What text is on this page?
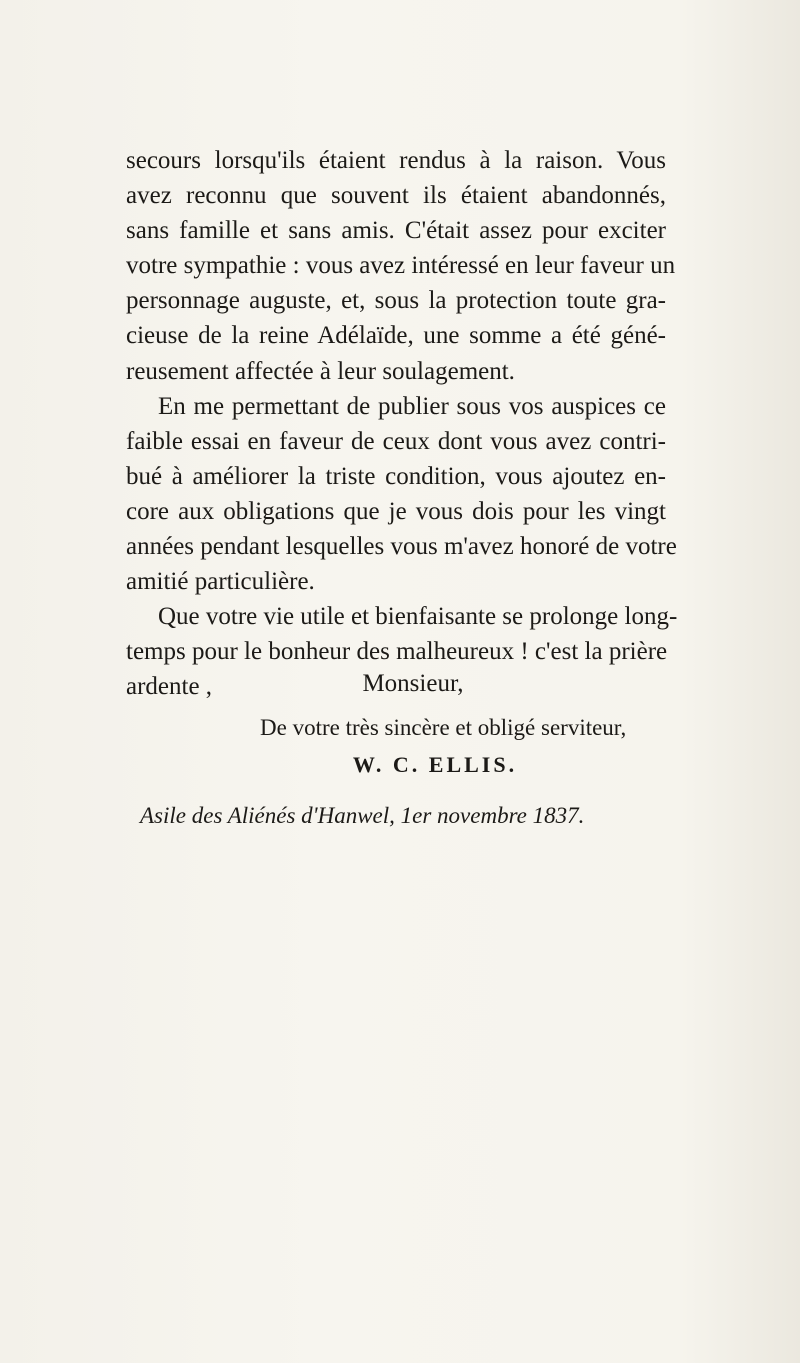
secours lorsqu'ils étaient rendus à la raison. Vous
avez reconnu que souvent ils étaient abandonnés,
sans famille et sans amis. C'était assez pour exciter
votre sympathie : vous avez intéressé en leur faveur un
personnage auguste, et, sous la protection toute gra-
cieuse de la reine Adélaïde, une somme a été géné-
reusement affectée à leur soulagement.
En me permettant de publier sous vos auspices ce
faible essai en faveur de ceux dont vous avez contri-
bué à améliorer la triste condition, vous ajoutez en-
core aux obligations que je vous dois pour les vingt
années pendant lesquelles vous m'avez honoré de votre
amitié particulière.
Que votre vie utile et bienfaisante se prolonge long-
temps pour le bonheur des malheureux ! c'est la prière
ardente ,	Monsieur,
De votre très sincère et obligé serviteur,
W. C. ELLIS.
Asile des Aliénés d'Hanwel, 1er novembre 1837.
